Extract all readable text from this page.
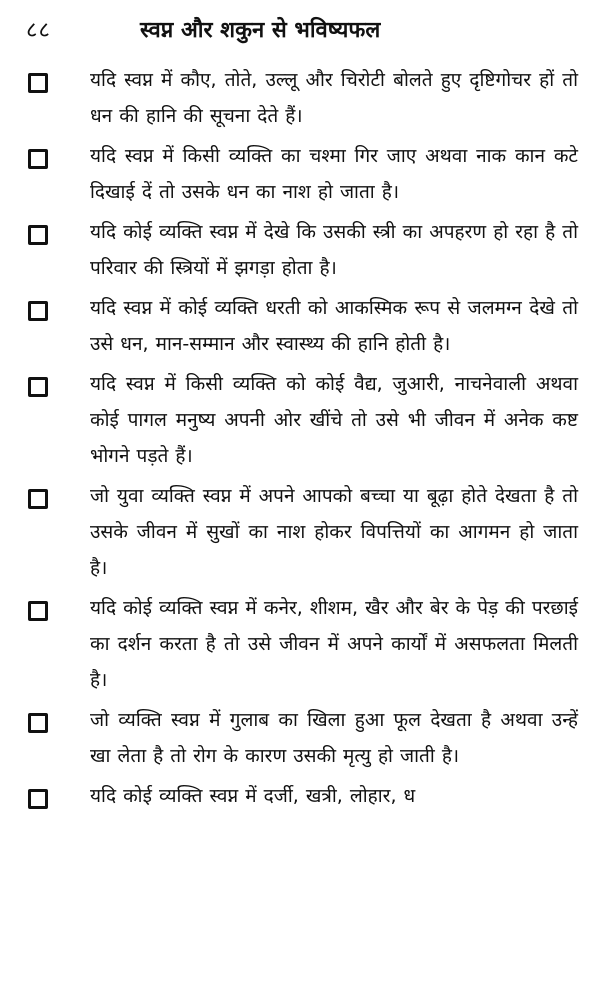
८८	स्वप्न और शकुन से भविष्यफल
यदि स्वप्न में कौए, तोते, उल्लू और चिरोटी बोलते हुए दृष्टिगोचर हों तो धन की हानि की सूचना देते हैं।
यदि स्वप्न में किसी व्यक्ति का चश्मा गिर जाए अथवा नाक कान कटे दिखाई दें तो उसके धन का नाश हो जाता है।
यदि कोई व्यक्ति स्वप्न में देखे कि उसकी स्त्री का अपहरण हो रहा है तो परिवार की स्त्रियों में झगड़ा होता है।
यदि स्वप्न में कोई व्यक्ति धरती को आकस्मिक रूप से जलमग्न देखे तो उसे धन, मान-सम्मान और स्वास्थ्य की हानि होती है।
यदि स्वप्न में किसी व्यक्ति को कोई वैद्य, जुआरी, नाचनेवाली अथवा कोई पागल मनुष्य अपनी ओर खींचे तो उसे भी जीवन में अनेक कष्ट भोगने पड़ते हैं।
जो युवा व्यक्ति स्वप्न में अपने आपको बच्चा या बूढ़ा होते देखता है तो उसके जीवन में सुखों का नाश होकर विपत्तियों का आगमन हो जाता है।
यदि कोई व्यक्ति स्वप्न में कनेर, शीशम, खैर और बेर के पेड़ की परछाई का दर्शन करता है तो उसे जीवन में अपने कार्यों में असफलता मिलती है।
जो व्यक्ति स्वप्न में गुलाब का खिला हुआ फूल देखता है अथवा उन्हें खा लेता है तो रोग के कारण उसकी मृत्यु हो जाती है।
यदि कोई व्यक्ति स्वप्न में दर्जी, खत्री, लोहार, ध
